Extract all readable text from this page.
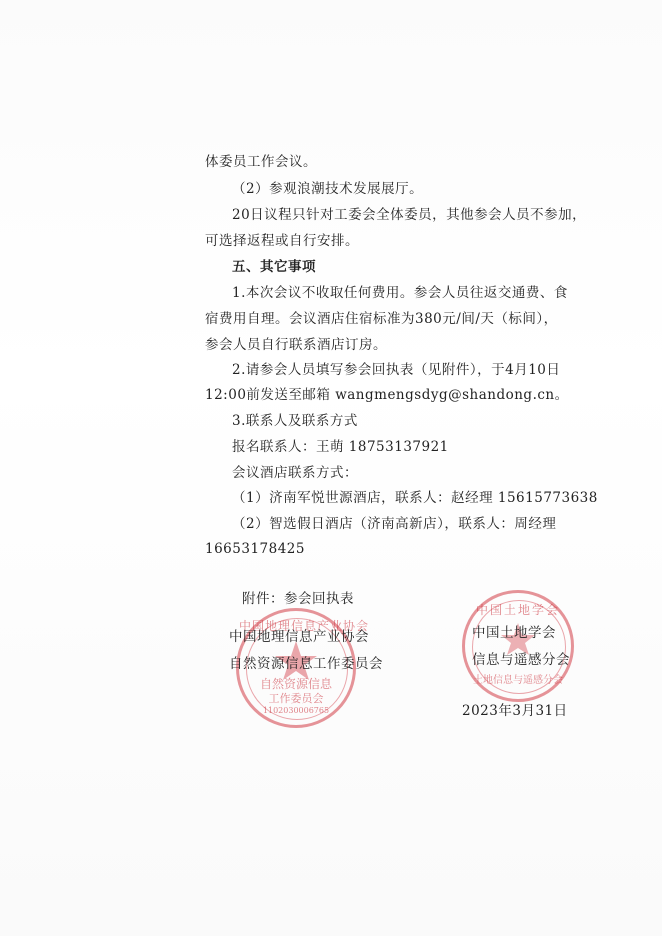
体委员工作会议。
（2）参观浪潮技术发展展厅。
20日议程只针对工委会全体委员，其他参会人员不参加，
可选择返程或自行安排。
五、其它事项
1.本次会议不收取任何费用。参会人员往返交通费、食
宿费用自理。会议酒店住宿标准为380元/间/天（标间），
参会人员自行联系酒店订房。
2.请参会人员填写参会回执表（见附件），于4月10日
12:00前发送至邮箱 wangmengsdyg@shandong.cn。
3.联系人及联系方式
报名联系人：王萌 18753137921
会议酒店联系方式：
（1）济南军悦世源酒店，联系人：赵经理 15615773638
（2）智选假日酒店（济南高新店），联系人：周经理
16653178425
附件：参会回执表
中国地理信息产业协会
自然资源信息
工作委员会
1102030006765
中国地理信息产业协会
自然资源信息工作委员会
中国土地学会
土地信息与遥感分会
中国土地学会
信息与遥感分会
2023年3月31日
